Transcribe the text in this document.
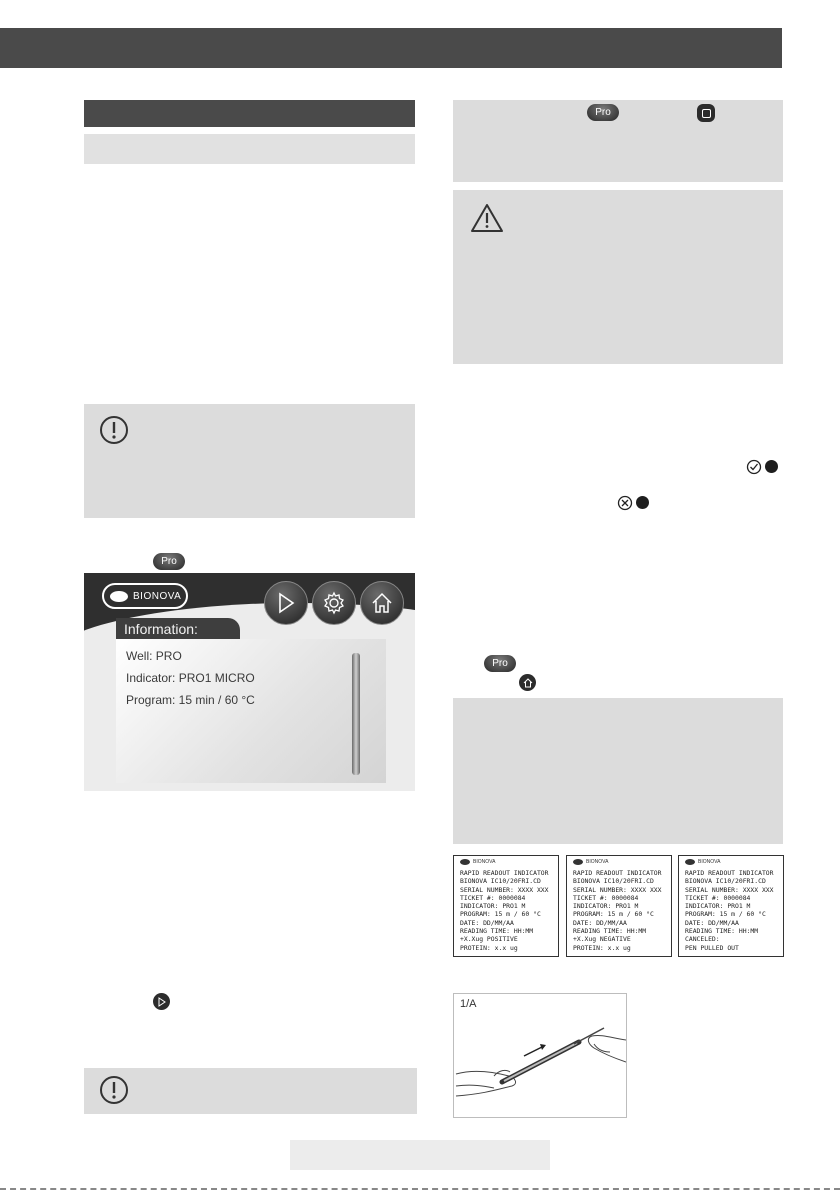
Pro
BIONOVA
Information:
Well: PRO
Indicator: PRO1 MICRO
Program: 15 min / 60 °C
Pro
Pro
BIONOVA
RAPID READOUT INDICATOR
BIONOVA IC10/20FRI.CD
SERIAL NUMBER: XXXX XXX
TICKET #: 0000084
INDICATOR: PRO1 M
PROGRAM: 15 m / 60 °C
DATE: DD/MM/AA
READING TIME: HH:MM
+X.Xug POSITIVE
PROTEIN: x.x ug
BIONOVA
RAPID READOUT INDICATOR
BIONOVA IC10/20FRI.CD
SERIAL NUMBER: XXXX XXX
TICKET #: 0000084
INDICATOR: PRO1 M
PROGRAM: 15 m / 60 °C
DATE: DD/MM/AA
READING TIME: HH:MM
+X.Xug NEGATIVE
PROTEIN: x.x ug
BIONOVA
RAPID READOUT INDICATOR
BIONOVA IC10/20FRI.CD
SERIAL NUMBER: XXXX XXX
TICKET #: 0000084
INDICATOR: PRO1 M
PROGRAM: 15 m / 60 °C
DATE: DD/MM/AA
READING TIME: HH:MM
CANCELED:
PEN PULLED OUT
1/A
